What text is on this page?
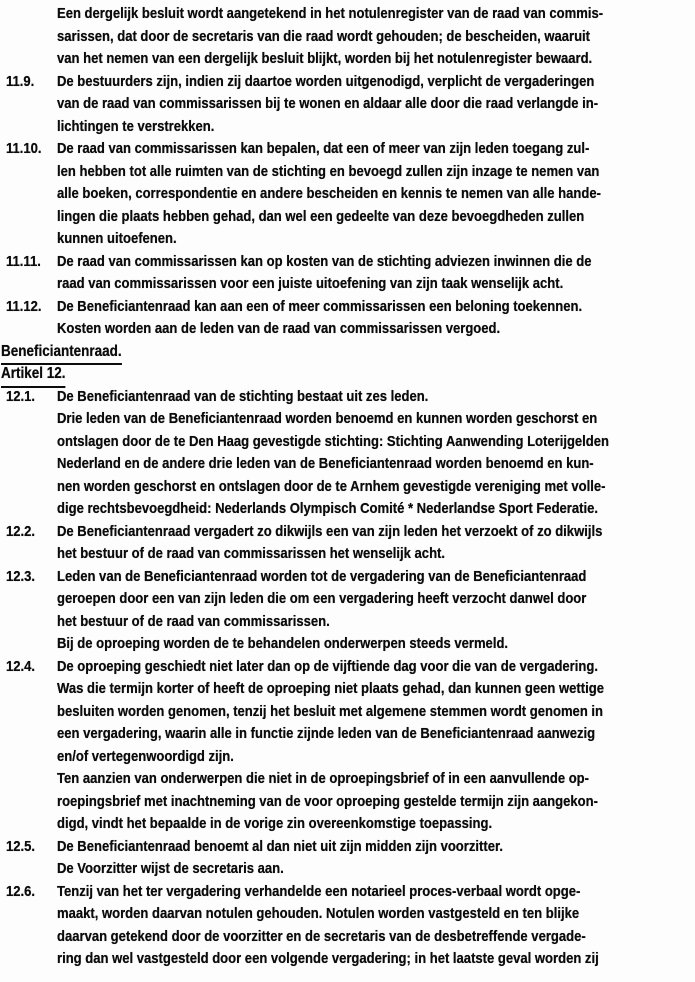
Een dergelijk besluit wordt aangetekend in het notulenregister van de raad van commis-
sarissen, dat door de secretaris van die raad wordt gehouden; de bescheiden, waaruit
van het nemen van een dergelijk besluit blijkt, worden bij het notulenregister bewaard.
11.9. De bestuurders zijn, indien zij daartoe worden uitgenodigd, verplicht de vergaderingen
van de raad van commissarissen bij te wonen en aldaar alle door die raad verlangde in-
lichtingen te verstrekken.
11.10.	De raad van commissarissen kan bepalen, dat een of meer van zijn leden toegang zul-
len hebben tot alle ruimten van de stichting en bevoegd zullen zijn inzage te nemen van
alle boeken, correspondentie en andere bescheiden en kennis te nemen van alle hande-
lingen die plaats hebben gehad, dan wel een gedeelte van deze bevoegdheden zullen
kunnen uitoefenen.
11.11.	De raad van commissarissen kan op kosten van de stichting adviezen inwinnen die de
raad van commissarissen voor een juiste uitoefening van zijn taak wenselijk acht.
11.12.	De Beneficiantenraad kan aan een of meer commissarissen een beloning toekennen.
Kosten worden aan de leden van de raad van commissarissen vergoed.
Beneficiantenraad.
Artikel 12.
12.1. De Beneficiantenraad van de stichting bestaat uit zes leden.
Drie leden van de Beneficiantenraad worden benoemd en kunnen worden geschorst en
ontslagen door de te Den Haag gevestigde stichting: Stichting Aanwending Loterijgelden
Nederland en de andere drie leden van de Beneficiantenraad worden benoemd en kun-
nen worden geschorst en ontslagen door de te Arnhem gevestigde vereniging met volle-
dige rechtsbevoegdheid: Nederlands Olympisch Comité * Nederlandse Sport Federatie.
12.2. De Beneficiantenraad vergadert zo dikwijls een van zijn leden het verzoekt of zo dikwijls
het bestuur of de raad van commissarissen het wenselijk acht.
12.3. Leden van de Beneficiantenraad worden tot de vergadering van de Beneficiantenraad
geroepen door een van zijn leden die om een vergadering heeft verzocht danwel door
het bestuur of de raad van commissarissen.
Bij de oproeping worden de te behandelen onderwerpen steeds vermeld.
12.4. De oproeping geschiedt niet later dan op de vijftiende dag voor die van de vergadering.
Was die termijn korter of heeft de oproeping niet plaats gehad, dan kunnen geen wettige
besluiten worden genomen, tenzij het besluit met algemene stemmen wordt genomen in
een vergadering, waarin alle in functie zijnde leden van de Beneficiantenraad aanwezig
en/of vertegenwoordigd zijn.
Ten aanzien van onderwerpen die niet in de oproepingsbrief of in een aanvullende op-
roepingsbrief met inachtneming van de voor oproeping gestelde termijn zijn aangekon-
digd, vindt het bepaalde in de vorige zin overeenkomstige toepassing.
12.5. De Beneficiantenraad benoemt al dan niet uit zijn midden zijn voorzitter.
De Voorzitter wijst de secretaris aan.
12.6. Tenzij van het ter vergadering verhandelde een notarieel proces-verbaal wordt opge-
maakt, worden daarvan notulen gehouden. Notulen worden vastgesteld en ten blijke
daarvan getekend door de voorzitter en de secretaris van de desbetreffende vergade-
ring dan wel vastgesteld door een volgende vergadering; in het laatste geval worden zij
